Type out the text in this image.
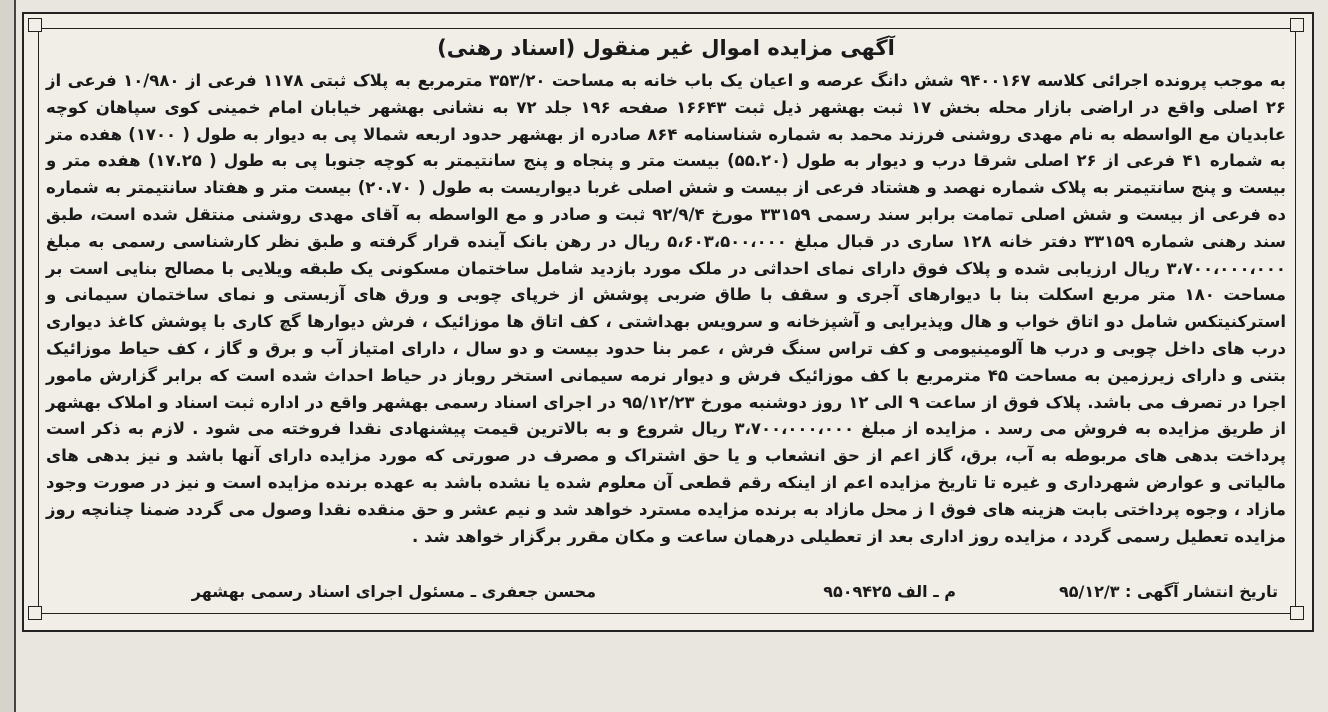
آگهی مزایده اموال غیر منقول (اسناد رهنی)

به موجب پرونده اجرائی کلاسه ۹۴۰۰۱۶۷ شش دانگ عرصه و اعیان یک باب خانه به مساحت ۳۵۳/۲۰ مترمربع به پلاک ثبتی ۱۱۷۸ فرعی از ۱۰/۹۸۰ فرعی از ۲۶ اصلی واقع در اراضی بازار محله بخش ۱۷ ثبت بهشهر ذیل ثبت ۱۶۶۴۳ صفحه ۱۹۶ جلد ۷۲ به نشانی بهشهر خیابان امام خمینی کوی سپاهان کوچه عابدیان مع الواسطه به نام مهدی روشنی فرزند محمد به شماره شناسنامه ۸۶۴ صادره از بهشهر حدود اربعه شمالا پی به دیوار به طول ( ۱۷۰۰) هفده متر به شماره ۴۱ فرعی از ۲۶ اصلی شرقا درب و دیوار به طول (۵۵.۲۰) بیست متر و پنجاه و پنج سانتیمتر به کوچه جنوبا پی به طول ( ۱۷.۲۵) هفده متر و بیست و پنج سانتیمتر به پلاک شماره نهصد و هشتاد فرعی از بیست و شش اصلی غربا دیواریست به طول ( ۲۰.۷۰) بیست متر و هفتاد سانتیمتر به شماره ده فرعی از بیست و شش اصلی تمامت برابر سند رسمی ۳۳۱۵۹ مورخ ۹۲/۹/۴ ثبت و صادر و مع الواسطه به آقای مهدی روشنی منتقل شده است، طبق سند رهنی شماره ۳۳۱۵۹ دفتر خانه ۱۲۸ ساری در قبال مبلغ ۵،۶۰۳،۵۰۰،۰۰۰ ریال در رهن بانک آینده قرار گرفته و طبق نظر کارشناسی رسمی به مبلغ ۳،۷۰۰،۰۰۰،۰۰۰ ریال ارزیابی شده و پلاک فوق دارای نمای احداثی در ملک مورد بازدید شامل ساختمان مسکونی یک طبقه ویلایی با مصالح بنایی است بر مساحت ۱۸۰ متر مربع اسکلت بنا با دیوارهای آجری و سقف با طاق ضربی پوشش از خرپای چوبی و ورق های آزبستی و نمای ساختمان سیمانی و استرکنیتکس شامل دو اتاق خواب و هال وپذیرایی و آشپزخانه و سرویس بهداشتی ، کف اتاق ها موزائیک ، فرش دیوارها گچ کاری با پوشش کاغذ دیواری درب های داخل چوبی و درب ها آلومینیومی و کف تراس سنگ فرش ، عمر بنا حدود بیست و دو سال ، دارای امتیاز آب و برق و گاز ، کف حیاط موزائیک بتنی و دارای زیرزمین به مساحت ۴۵ مترمربع با کف موزائیک فرش و دیوار نرمه سیمانی استخر روباز در حیاط احداث شده است که برابر گزارش مامور اجرا در تصرف می باشد. پلاک فوق از ساعت ۹ الی ۱۲ روز دوشنبه مورخ ۹۵/۱۲/۲۳ در اجرای اسناد رسمی بهشهر واقع در اداره ثبت اسناد و املاک بهشهر از طریق مزایده به فروش می رسد . مزایده از مبلغ ۳،۷۰۰،۰۰۰،۰۰۰ ریال شروع و به بالاترین قیمت پیشنهادی نقدا فروخته می شود . لازم به ذکر است پرداخت بدهی های مربوطه به آب، برق، گاز اعم از حق انشعاب و یا حق اشتراک و مصرف در صورتی که مورد مزایده دارای آنها باشد و نیز بدهی های مالیاتی و عوارض شهرداری و غیره تا تاریخ مزایده اعم از اینکه رقم قطعی آن معلوم شده یا نشده باشد به عهده برنده مزایده است و نیز در صورت وجود مازاد ، وجوه پرداختی بابت هزینه های فوق ا ز محل مازاد به برنده مزایده مسترد خواهد شد و نیم عشر و حق منقده نقدا وصول می گردد ضمنا چنانچه روز مزایده تعطیل رسمی گردد ، مزایده روز اداری بعد از تعطیلی درهمان ساعت و مکان مقرر برگزار خواهد شد .

تاریخ انتشار آگهی : ۹۵/۱۲/۳
م ـ الف ۹۵۰۹۴۲۵
محسن جعفری ـ مسئول اجرای اسناد رسمی بهشهر
